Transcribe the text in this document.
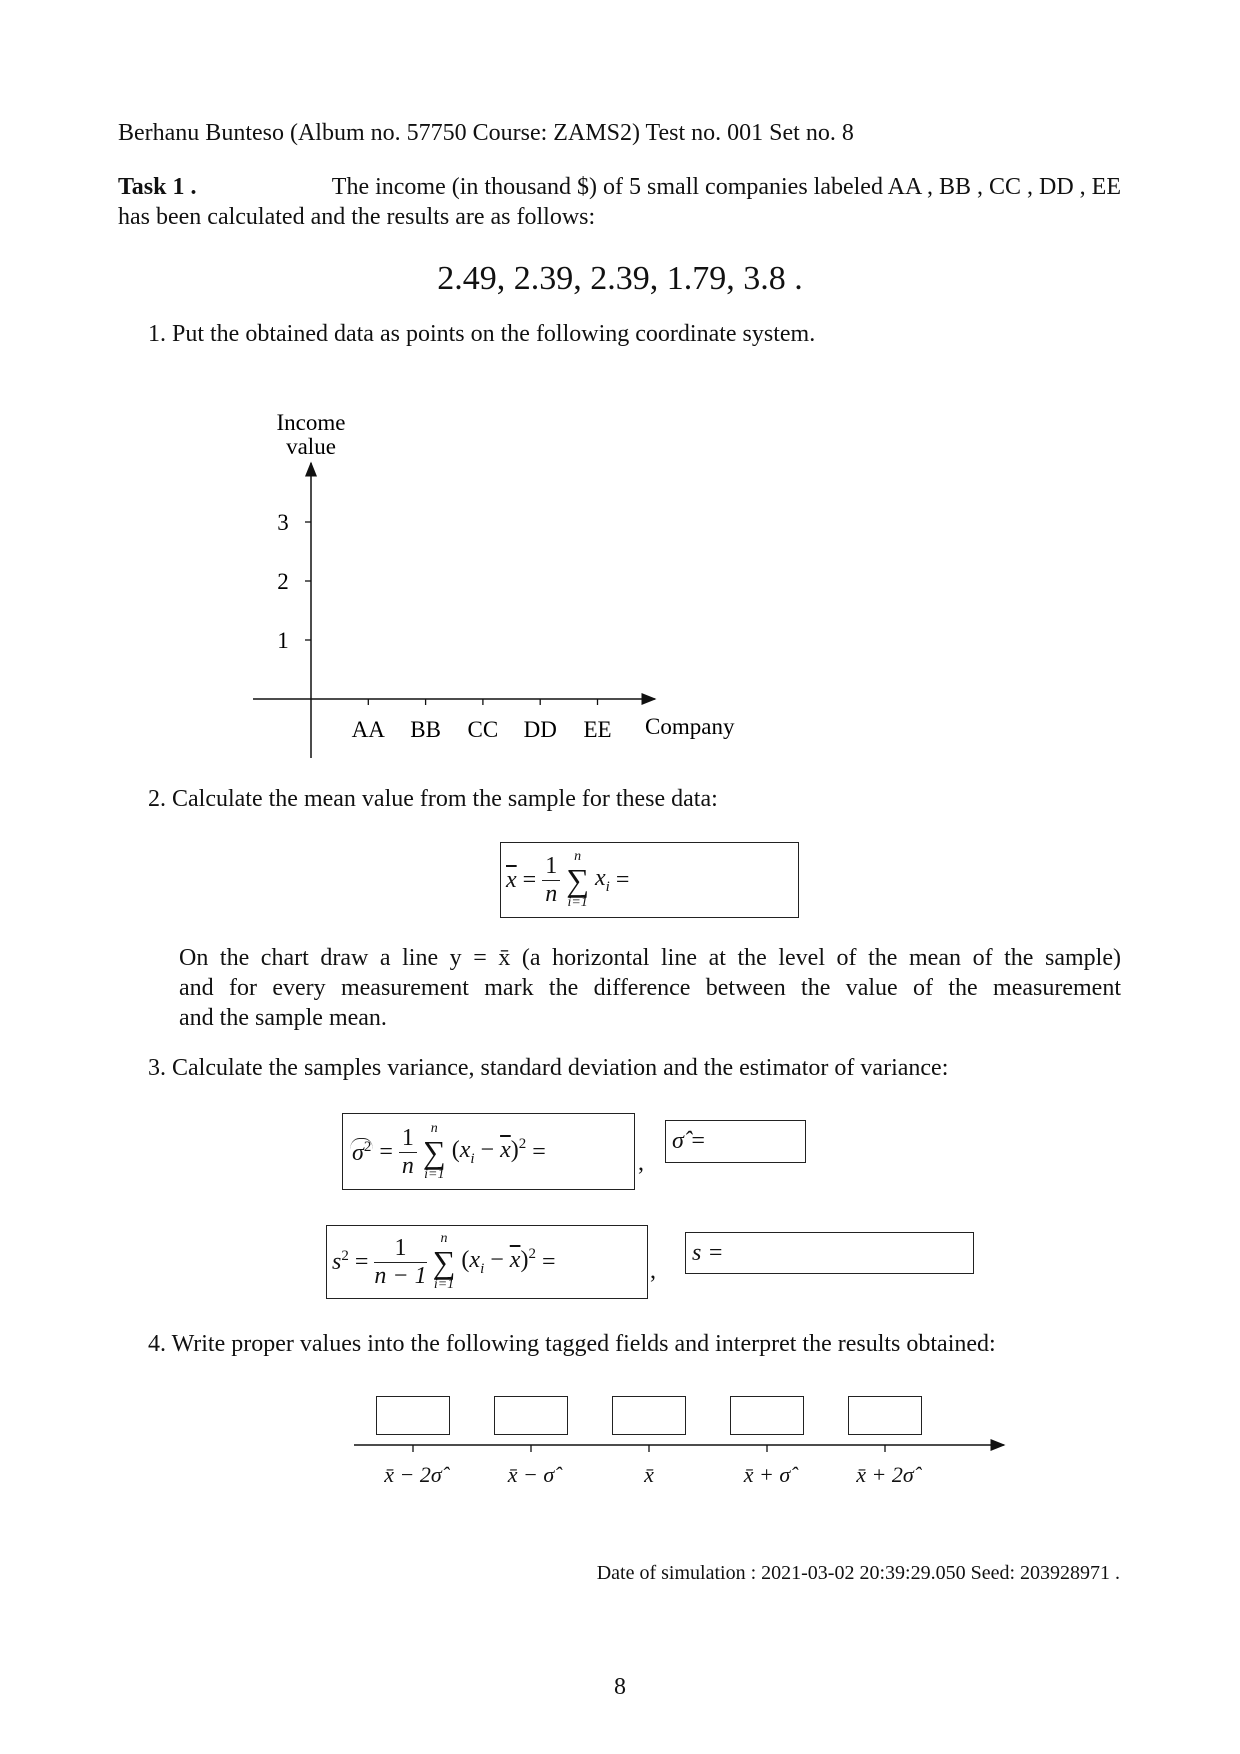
Berhanu Bunteso (Album no. 57750 Course: ZAMS2) Test no. 001 Set no. 8
Task 1 .	The income (in thousand $) of 5 small companies labeled AA , BB , CC , DD , EE
has been calculated and the results are as follows:
2.49, 2.39, 2.39, 1.79, 3.8 .
1. Put the obtained data as points on the following coordinate system.
Income
value
1
2
3
AA BB CC DD EE Company
2. Calculate the mean value from the sample for these data:
$\overline{x} = \frac{1}{n}$ n
∑
i=1
$x_i$ =
On the chart draw a line y = x̄ (a horizontal line at the level of the mean of the sample)
and for every measurement mark the difference between the value of the measurement
and the sample mean.
3. Calculate the samples variance, standard deviation and the estimator of variance:
$\sigma^2 = \frac{1}{n}$ n
∑
i=1
$(x_i - \overline{x})^2$ =	,
σ̂ =
$s^2 = \frac{1}{n - 1}$ n
∑
i=1
$(x_i - \overline{x})^2$ =	,
s =
4. Write proper values into the following tagged fields and interpret the results obtained:
x̄ − 2σ̂	x̄ − σ̂	x̄	x̄ + σ̂	x̄ + 2σ̂
Date of simulation : 2021-03-02 20:39:29.050 Seed: 203928971 .
8
